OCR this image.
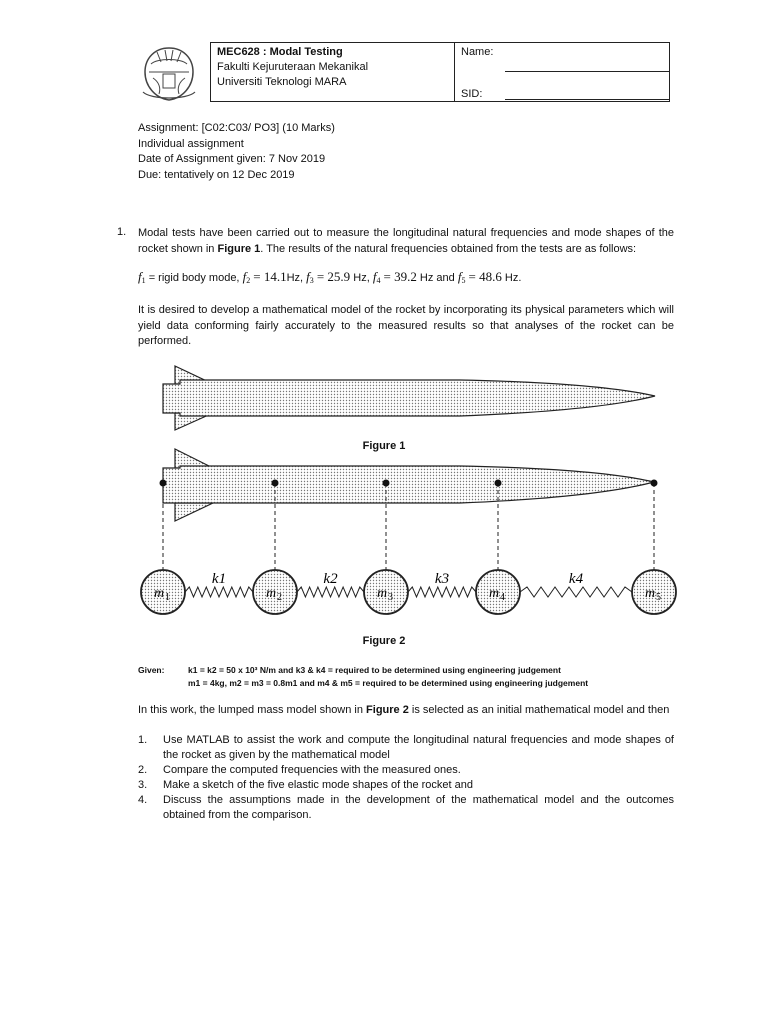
MEC628 : Modal Testing
Fakulti Kejuruteraan Mekanikal
Universiti Teknologi MARA
Name:
SID:
Assignment: [C02:C03/ PO3] (10 Marks)
Individual assignment
Date of Assignment given: 7 Nov 2019
Due: tentatively on 12 Dec 2019
1. Modal tests have been carried out to measure the longitudinal natural frequencies and mode shapes of the rocket shown in Figure 1. The results of the natural frequencies obtained from the tests are as follows:
$f_1$ = rigid body mode, $f_2 = 14.1Hz$, $f_3 = 25.9$ Hz, $f_4 = 39.2$ Hz and $f_5 = 48.6$ Hz.
It is desired to develop a mathematical model of the rocket by incorporating its physical parameters which will yield data conforming fairly accurately to the measured results so that analyses of the rocket can be performed.
k1	k2	k3	k4
m 1	m 2	m 3	m 4	m 5
Figure 1
Figure 2
Given:	k1 = k2 = 50 x 10³ N/m and k3 & k4 = required to be determined using engineering judgement
m1 = 4kg, m2 = m3 = 0.8m1 and m4 & m5 = required to be determined using engineering judgement
In this work, the lumped mass model shown in Figure 2 is selected as an initial mathematical model and then
1. Use MATLAB to assist the work and compute the longitudinal natural frequencies and mode shapes of the rocket as given by the mathematical model
2. Compare the computed frequencies with the measured ones.
3. Make a sketch of the five elastic mode shapes of the rocket and
4. Discuss the assumptions made in the development of the mathematical model and the outcomes obtained from the comparison.
